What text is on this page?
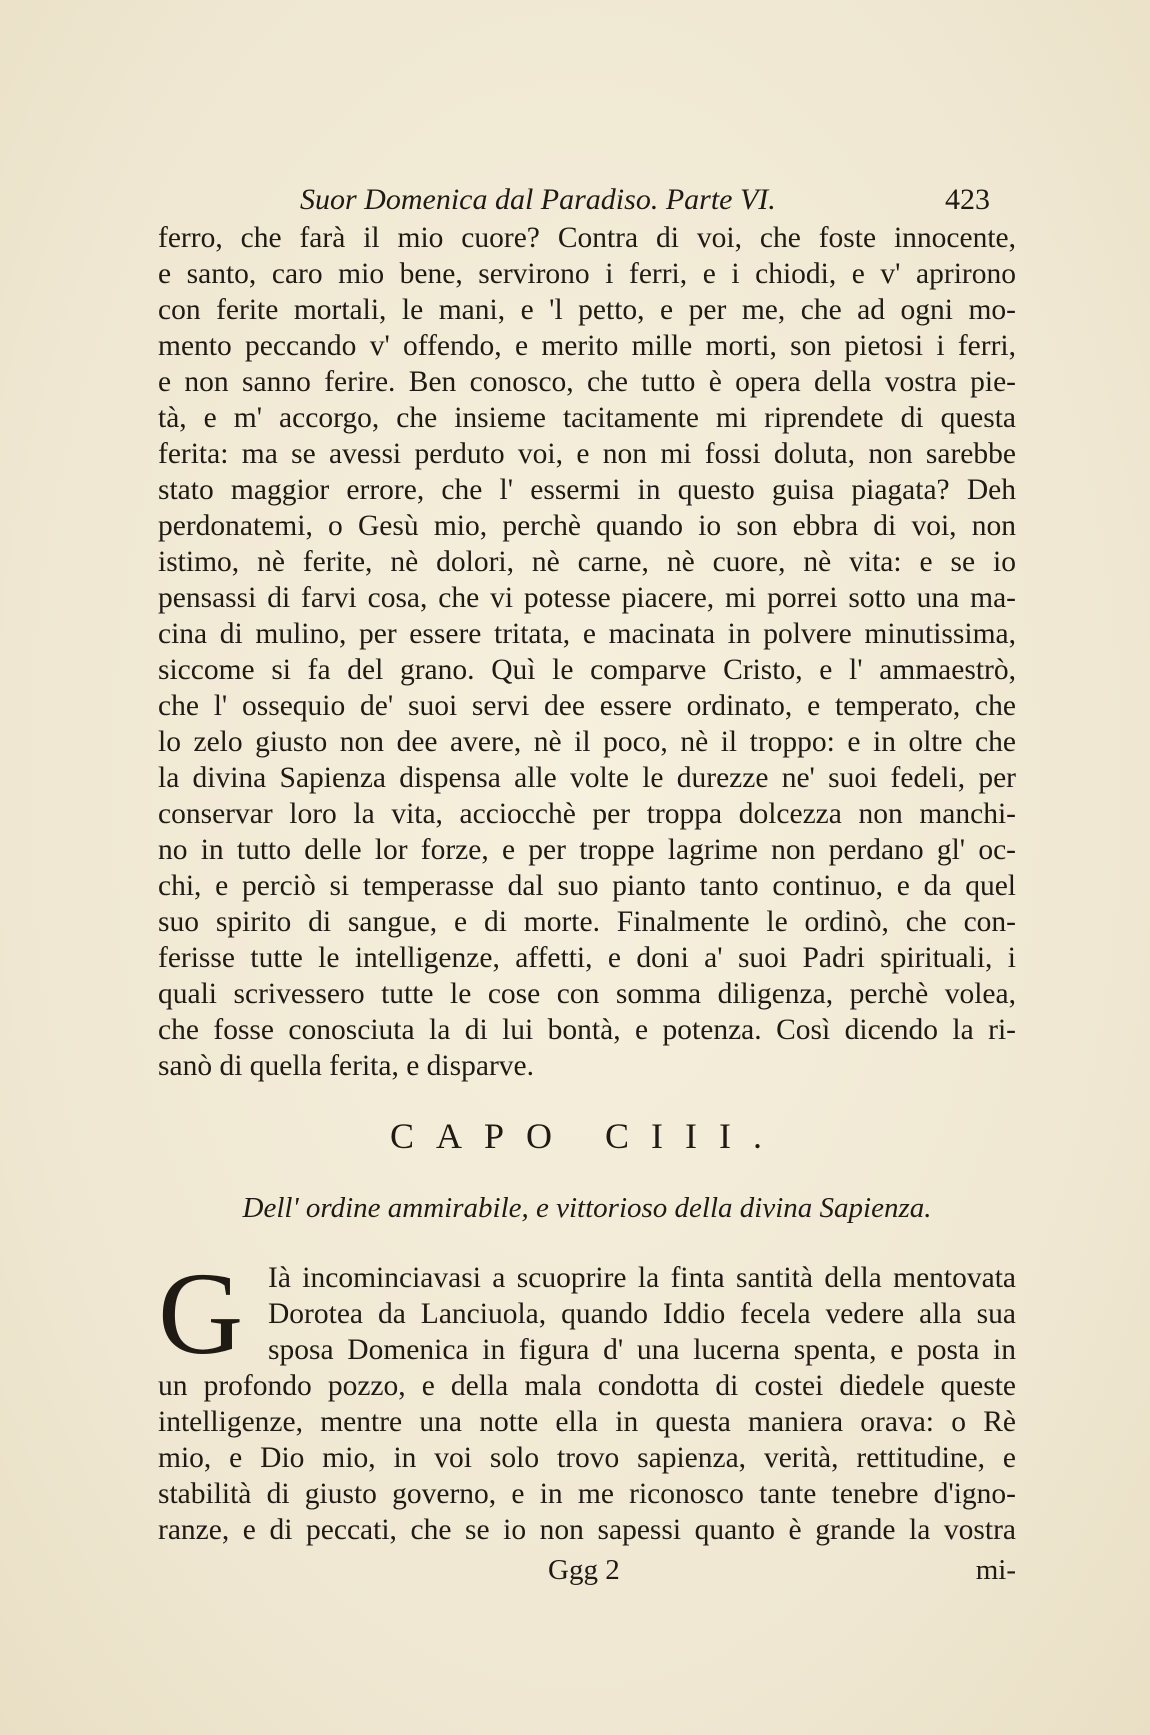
Suor Domenica dal Paradiso. Parte VI.	423
ferro, che farà il mio cuore? Contra di voi, che foste innocente,
e santo, caro mio bene, servirono i ferri, e i chiodi, e v' aprirono
con ferite mortali, le mani, e 'l petto, e per me, che ad ogni mo-
mento peccando v' offendo, e merito mille morti, son pietosi i ferri,
e non sanno ferire. Ben conosco, che tutto è opera della vostra pie-
tà, e m' accorgo, che insieme tacitamente mi riprendete di questa
ferita: ma se avessi perduto voi, e non mi fossi doluta, non sarebbe
stato maggior errore, che l' essermi in questo guisa piagata? Deh
perdonatemi, o Gesù mio, perchè quando io son ebbra di voi, non
istimo, nè ferite, nè dolori, nè carne, nè cuore, nè vita: e se io
pensassi di farvi cosa, che vi potesse piacere, mi porrei sotto una ma-
cina di mulino, per essere tritata, e macinata in polvere minutissima,
siccome si fa del grano. Quì le comparve Cristo, e l' ammaestrò,
che l' ossequio de' suoi servi dee essere ordinato, e temperato, che
lo zelo giusto non dee avere, nè il poco, nè il troppo: e in oltre che
la divina Sapienza dispensa alle volte le durezze ne' suoi fedeli, per
conservar loro la vita, acciocchè per troppa dolcezza non manchi-
no in tutto delle lor forze, e per troppe lagrime non perdano gl' oc-
chi, e perciò si temperasse dal suo pianto tanto continuo, e da quel
suo spirito di sangue, e di morte. Finalmente le ordinò, che con-
ferisse tutte le intelligenze, affetti, e doni a' suoi Padri spirituali, i
quali scrivessero tutte le cose con somma diligenza, perchè volea,
che fosse conosciuta la di lui bontà, e potenza. Così dicendo la ri-
sanò di quella ferita, e disparve.
CAPO CIII.
Dell' ordine ammirabile, e vittorioso della divina Sapienza.
G Ià incominciavasi a scuoprire la finta santità della mentovata
Dorotea da Lanciuola, quando Iddio fecela vedere alla sua
sposa Domenica in figura d' una lucerna spenta, e posta in
un profondo pozzo, e della mala condotta di costei diedele queste
intelligenze, mentre una notte ella in questa maniera orava: o Rè
mio, e Dio mio, in voi solo trovo sapienza, verità, rettitudine, e
stabilità di giusto governo, e in me riconosco tante tenebre d'igno-
ranze, e di peccati, che se io non sapessi quanto è grande la vostra
Ggg 2	mi-
